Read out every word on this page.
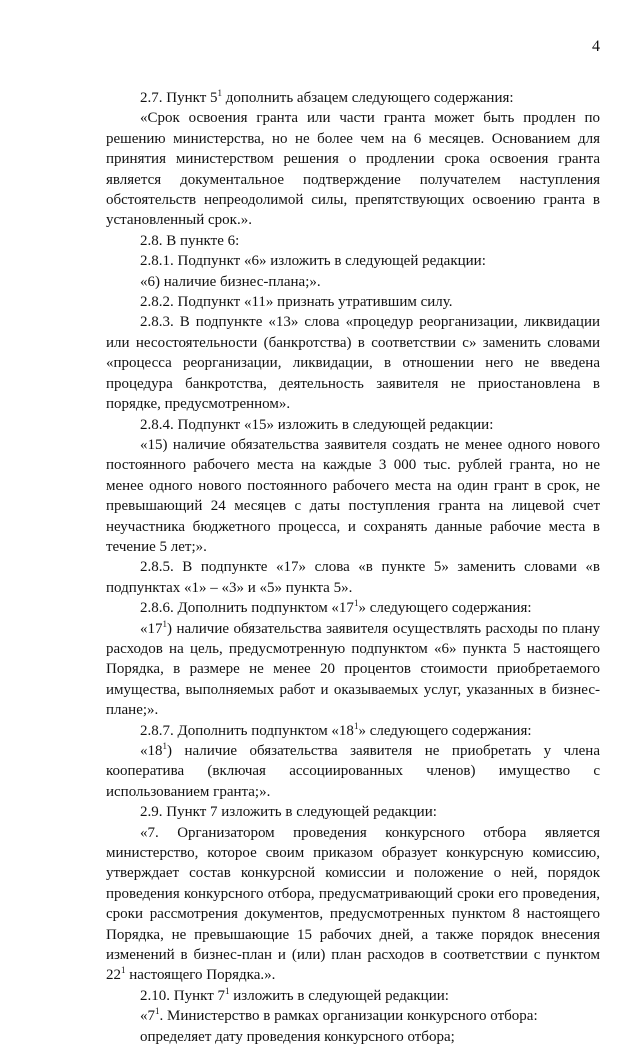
4

2.7. Пункт $5^1$ дополнить абзацем следующего содержания:

«Срок освоения гранта или части гранта может быть продлен по решению министерства, но не более чем на 6 месяцев. Основанием для принятия министерством решения о продлении срока освоения гранта является документальное подтверждение получателем наступления обстоятельств непреодолимой силы, препятствующих освоению гранта в установленный срок.».

2.8. В пункте 6:

2.8.1. Подпункт «6» изложить в следующей редакции:

«6) наличие бизнес-плана;».

2.8.2. Подпункт «11» признать утратившим силу.

2.8.3. В подпункте «13» слова «процедур реорганизации, ликвидации или несостоятельности (банкротства) в соответствии с» заменить словами «процесса реорганизации, ликвидации, в отношении него не введена процедура банкротства, деятельность заявителя не приостановлена в порядке, предусмотренном».

2.8.4. Подпункт «15» изложить в следующей редакции:

«15) наличие обязательства заявителя создать не менее одного нового постоянного рабочего места на каждые 3 000 тыс. рублей гранта, но не менее одного нового постоянного рабочего места на один грант в срок, не превышающий 24 месяцев с даты поступления гранта на лицевой счет неучастника бюджетного процесса, и сохранять данные рабочие места в течение 5 лет;».

2.8.5. В подпункте «17» слова «в пункте 5» заменить словами «в подпунктах «1» – «3» и «5» пункта 5».

2.8.6. Дополнить подпунктом «$17^1$» следующего содержания:

«$17^1$) наличие обязательства заявителя осуществлять расходы по плану расходов на цель, предусмотренную подпунктом «6» пункта 5 настоящего Порядка, в размере не менее 20 процентов стоимости приобретаемого имущества, выполняемых работ и оказываемых услуг, указанных в бизнес-плане;».

2.8.7. Дополнить подпунктом «$18^1$» следующего содержания:

«$18^1$) наличие обязательства заявителя не приобретать у члена кооператива (включая ассоциированных членов) имущество с использованием гранта;».

2.9. Пункт 7 изложить в следующей редакции:

«7. Организатором проведения конкурсного отбора является министерство, которое своим приказом образует конкурсную комиссию, утверждает состав конкурсной комиссии и положение о ней, порядок проведения конкурсного отбора, предусматривающий сроки его проведения, сроки рассмотрения документов, предусмотренных пунктом 8 настоящего Порядка, не превышающие 15 рабочих дней, а также порядок внесения изменений в бизнес-план и (или) план расходов в соответствии с пунктом $22^1$ настоящего Порядка.».

2.10. Пункт $7^1$ изложить в следующей редакции:

«$7^1$. Министерство в рамках организации конкурсного отбора:

определяет дату проведения конкурсного отбора;
